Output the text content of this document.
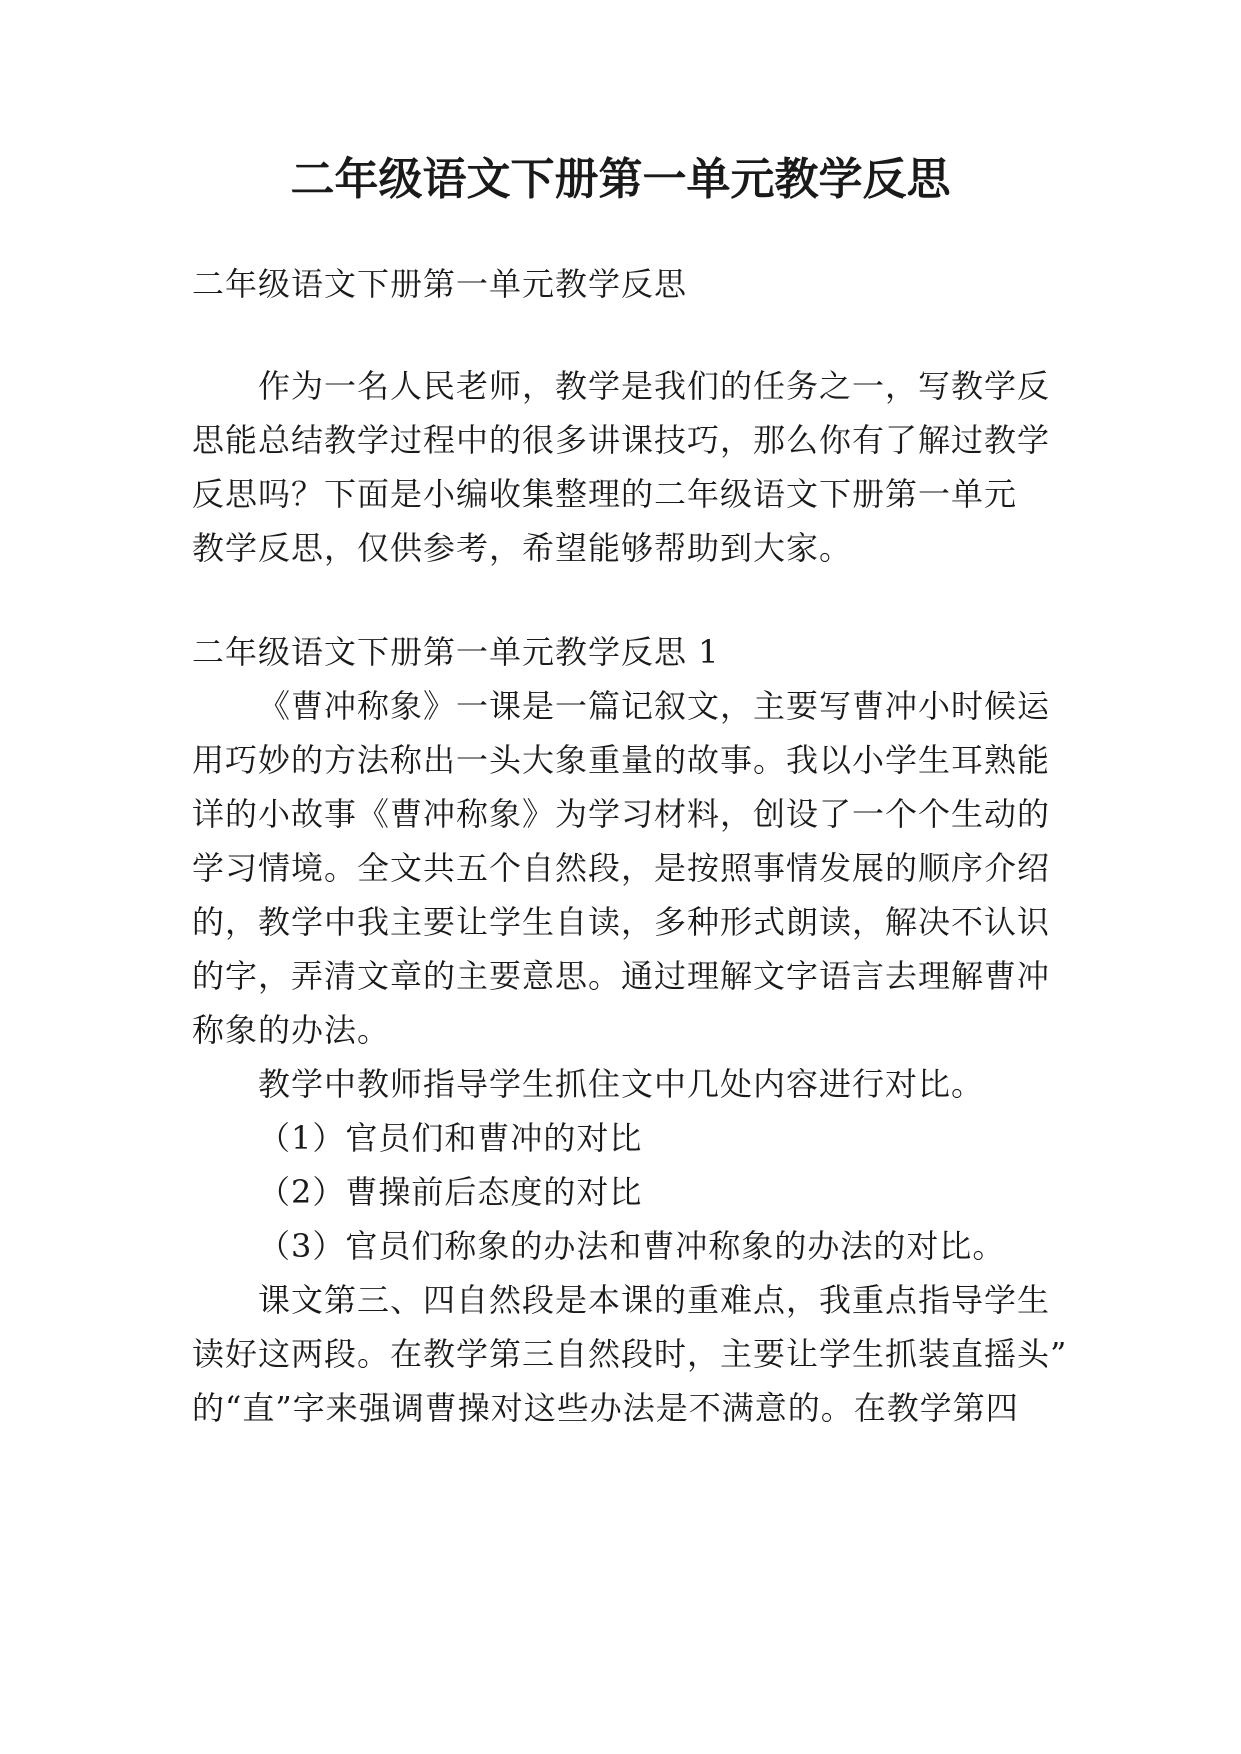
二年级语文下册第一单元教学反思

二年级语文下册第一单元教学反思

作为一名人民老师，教学是我们的任务之一，写教学反

思能总结教学过程中的很多讲课技巧，那么你有了解过教学

反思吗？下面是小编收集整理的二年级语文下册第一单元

教学反思，仅供参考，希望能够帮助到大家。

二年级语文下册第一单元教学反思 1

《曹冲称象》一课是一篇记叙文，主要写曹冲小时候运

用巧妙的方法称出一头大象重量的故事。我以小学生耳熟能

详的小故事《曹冲称象》为学习材料，创设了一个个生动的

学习情境。全文共五个自然段，是按照事情发展的顺序介绍

的，教学中我主要让学生自读，多种形式朗读，解决不认识

的字，弄清文章的主要意思。通过理解文字语言去理解曹冲

称象的办法。

教学中教师指导学生抓住文中几处内容进行对比。

（1）官员们和曹冲的对比

（2）曹操前后态度的对比

（3）官员们称象的办法和曹冲称象的办法的对比。

课文第三、四自然段是本课的重难点，我重点指导学生

读好这两段。在教学第三自然段时，主要让学生抓装直摇头”

的“直”字来强调曹操对这些办法是不满意的。在教学第四
